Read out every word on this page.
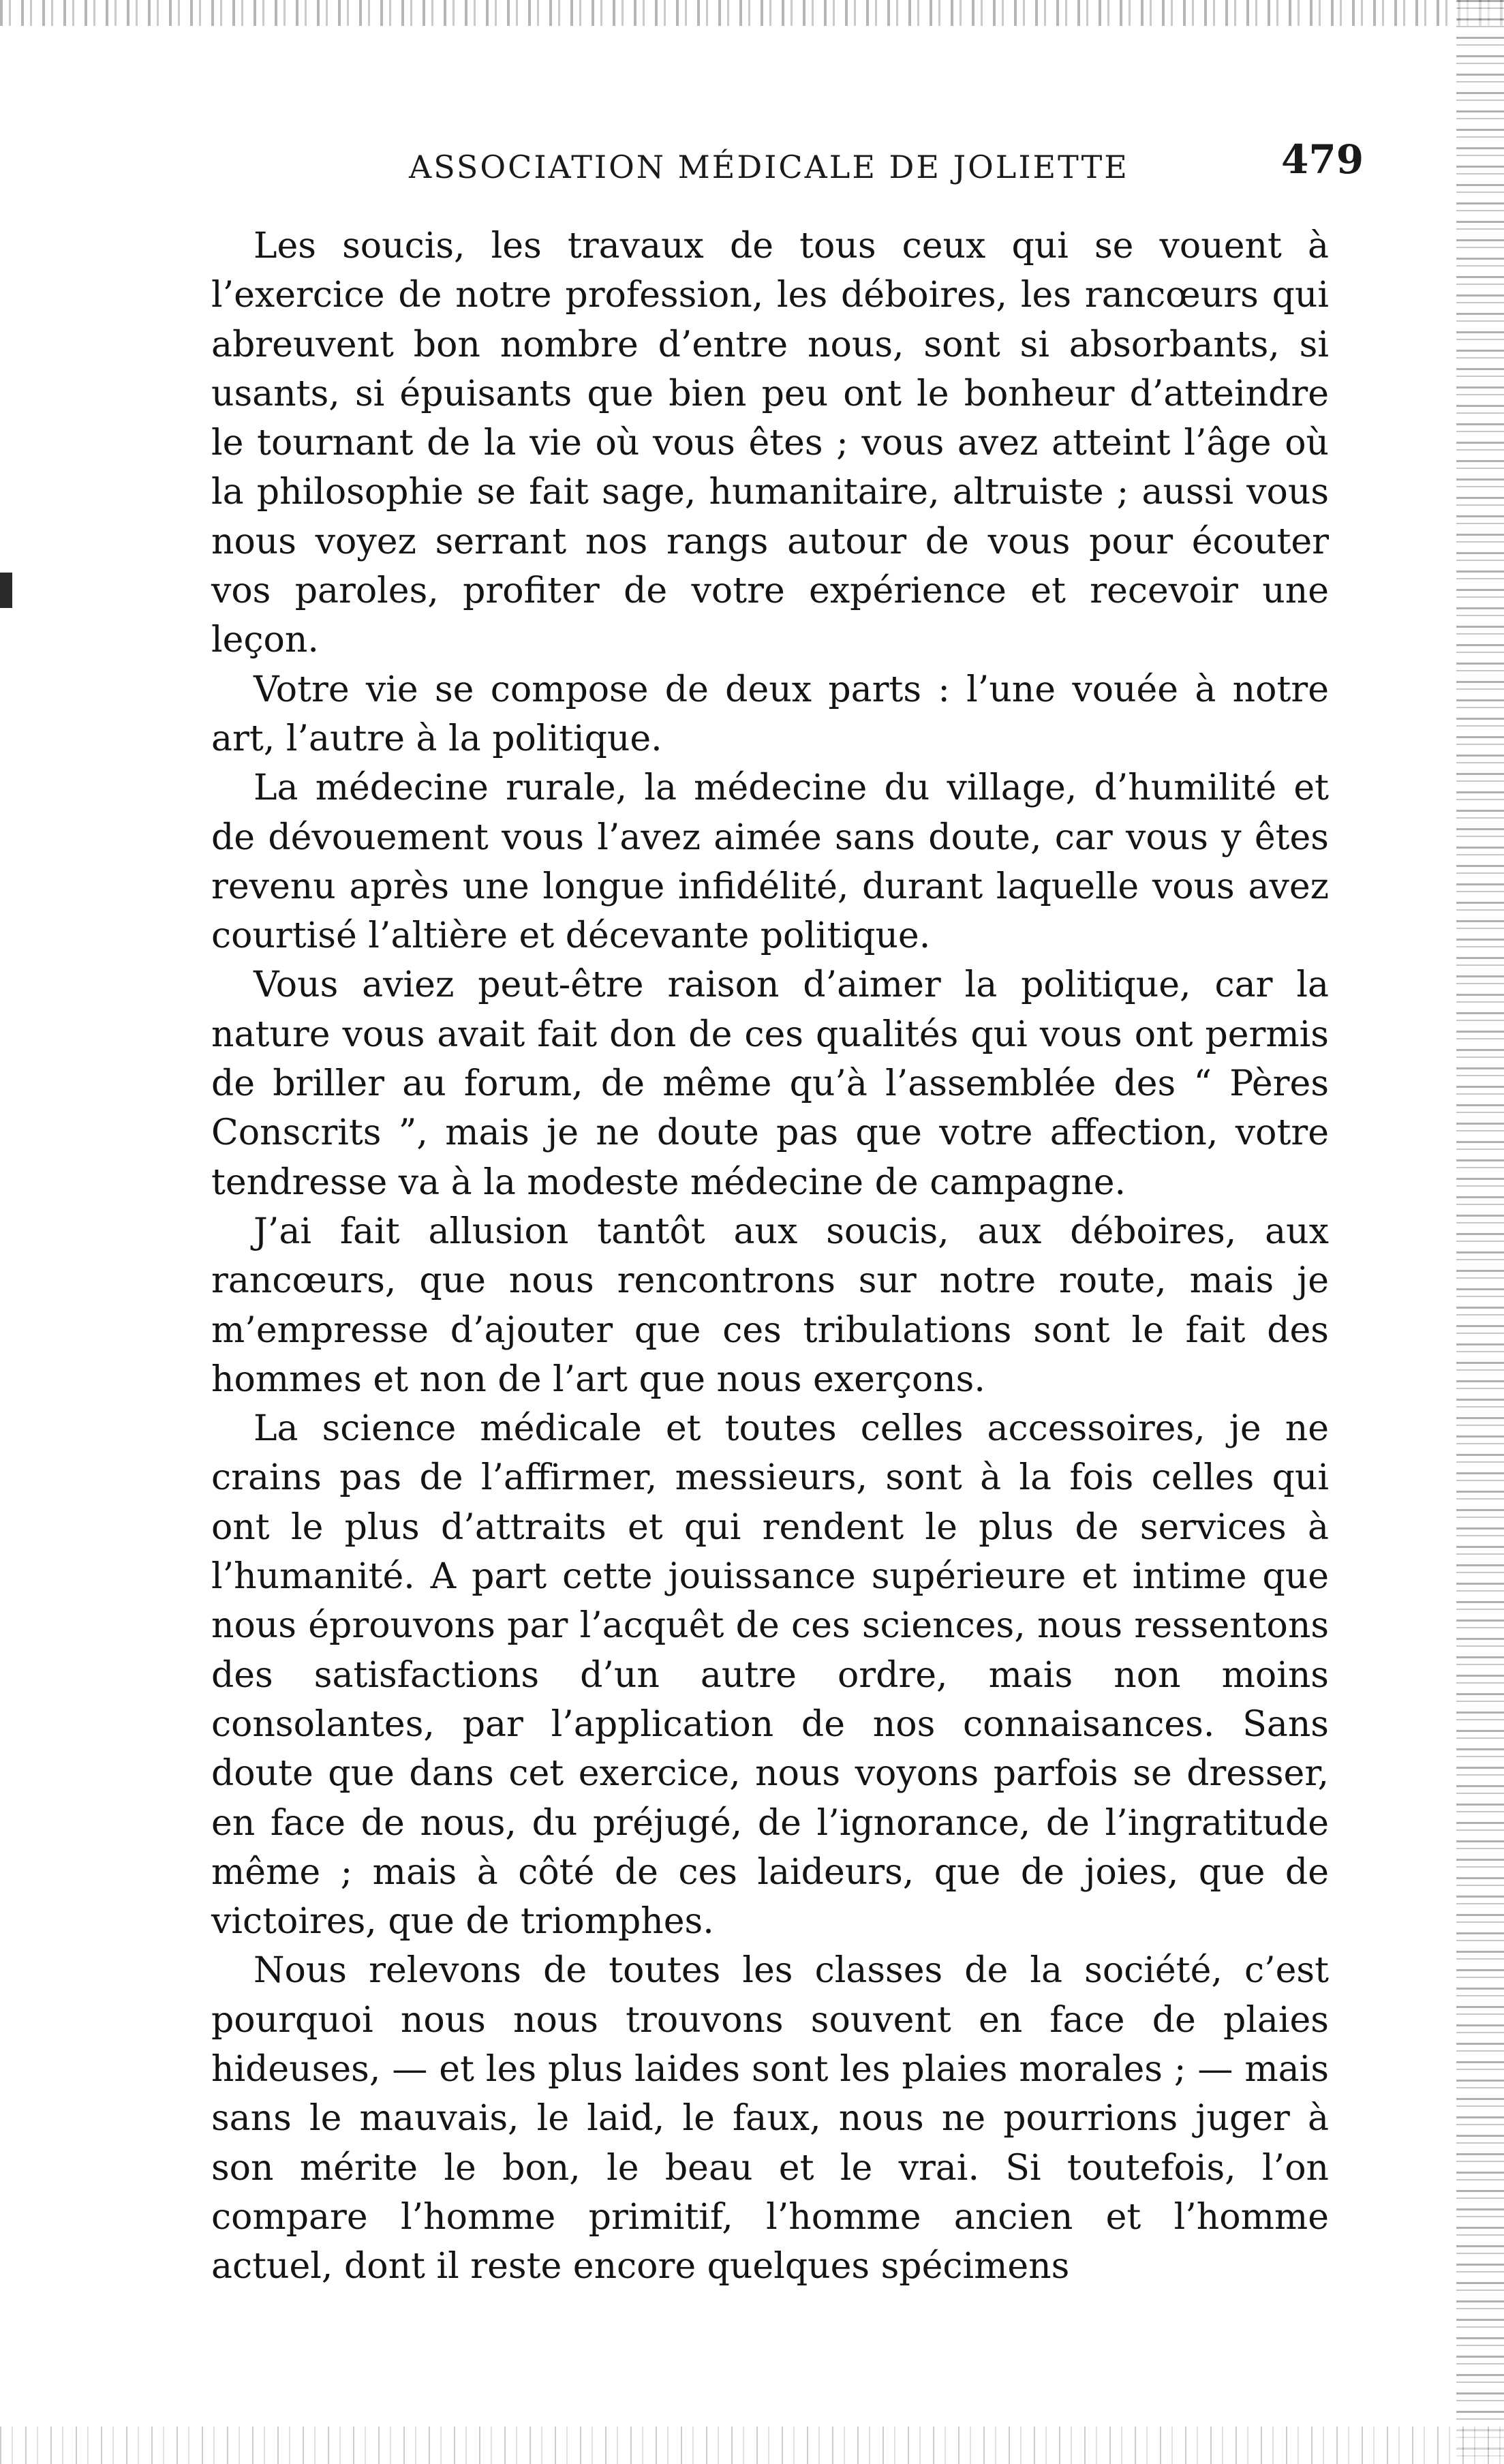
ASSOCIATION MÉDICALE DE JOLIETTE	479

Les soucis, les travaux de tous ceux qui se vouent à l’exercice de notre profession, les déboires, les rancœurs qui abreuvent bon nombre d’entre nous, sont si absorbants, si usants, si épuisants que bien peu ont le bonheur d’atteindre le tournant de la vie où vous êtes ; vous avez atteint l’âge où la philosophie se fait sage, humanitaire, altruiste ; aussi vous nous voyez serrant nos rangs autour de vous pour écouter vos paroles, profiter de votre expérience et recevoir une leçon.

Votre vie se compose de deux parts : l’une vouée à notre art, l’autre à la politique.

La médecine rurale, la médecine du village, d’humilité et de dévouement vous l’avez aimée sans doute, car vous y êtes revenu après une longue infidélité, durant laquelle vous avez courtisé l’altière et décevante politique.

Vous aviez peut-être raison d’aimer la politique, car la nature vous avait fait don de ces qualités qui vous ont permis de briller au forum, de même qu’à l’assemblée des “ Pères Conscrits ”, mais je ne doute pas que votre affection, votre tendresse va à la modeste médecine de campagne.

J’ai fait allusion tantôt aux soucis, aux déboires, aux rancœurs, que nous rencontrons sur notre route, mais je m’empresse d’ajouter que ces tribulations sont le fait des hommes et non de l’art que nous exerçons.

La science médicale et toutes celles accessoires, je ne crains pas de l’affirmer, messieurs, sont à la fois celles qui ont le plus d’attraits et qui rendent le plus de services à l’humanité. A part cette jouissance supérieure et intime que nous éprouvons par l’acquêt de ces sciences, nous ressentons des satisfactions d’un autre ordre, mais non moins consolantes, par l’application de nos connaisances. Sans doute que dans cet exercice, nous voyons parfois se dresser, en face de nous, du préjugé, de l’ignorance, de l’ingratitude même ; mais à côté de ces laideurs, que de joies, que de victoires, que de triomphes.

Nous relevons de toutes les classes de la société, c’est pourquoi nous nous trouvons souvent en face de plaies hideuses, — et les plus laides sont les plaies morales ; — mais sans le mauvais, le laid, le faux, nous ne pourrions juger à son mérite le bon, le beau et le vrai. Si toutefois, l’on compare l’homme primitif, l’homme ancien et l’homme actuel, dont il reste encore quelques spécimens
